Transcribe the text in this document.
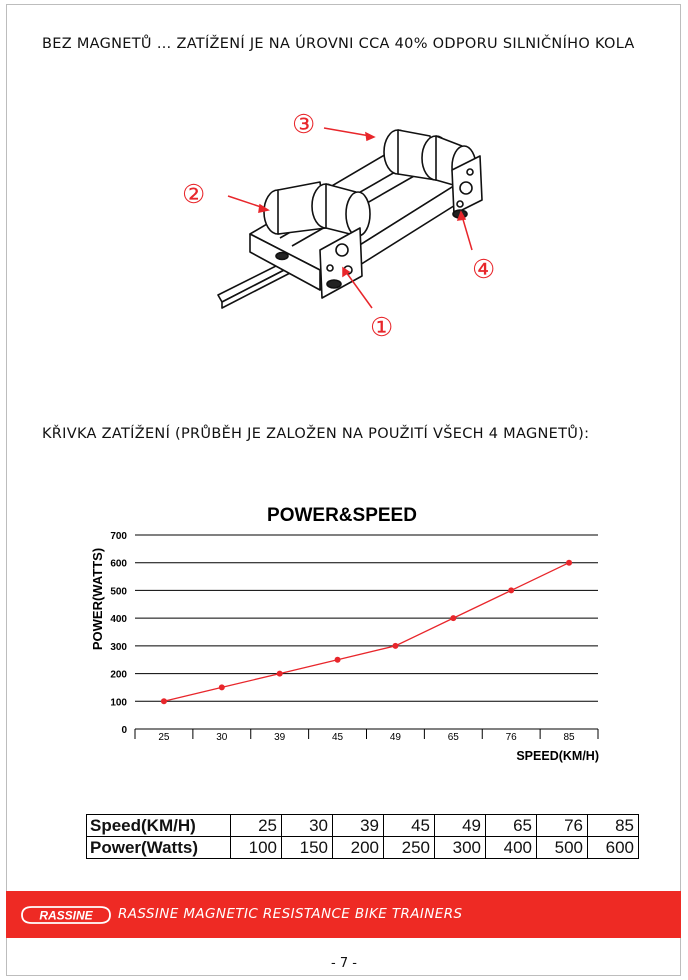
BEZ MAGNETŮ … ZATÍŽENÍ JE NA ÚROVNI CCA 40% ODPORU SILNIČNÍHO KOLA
③
②
④
①
KŘIVKA ZATÍŽENÍ (PRŮBĚH JE ZALOŽEN NA POUŽITÍ VŠECH 4 MAGNETŮ):
POWER&SPEED
POWER(WATTS)
SPEED(KM/H)
0
100
200
300
400
500
600
700
25	30	39	45	49	65	76	85
Speed(KM/H)	25	30	39	45	49	65	76	85
Power(Watts)	100	150	200	250	300	400	500	600
RASSINE RASSINE MAGNETIC RESISTANCE BIKE TRAINERS
- 7 -
